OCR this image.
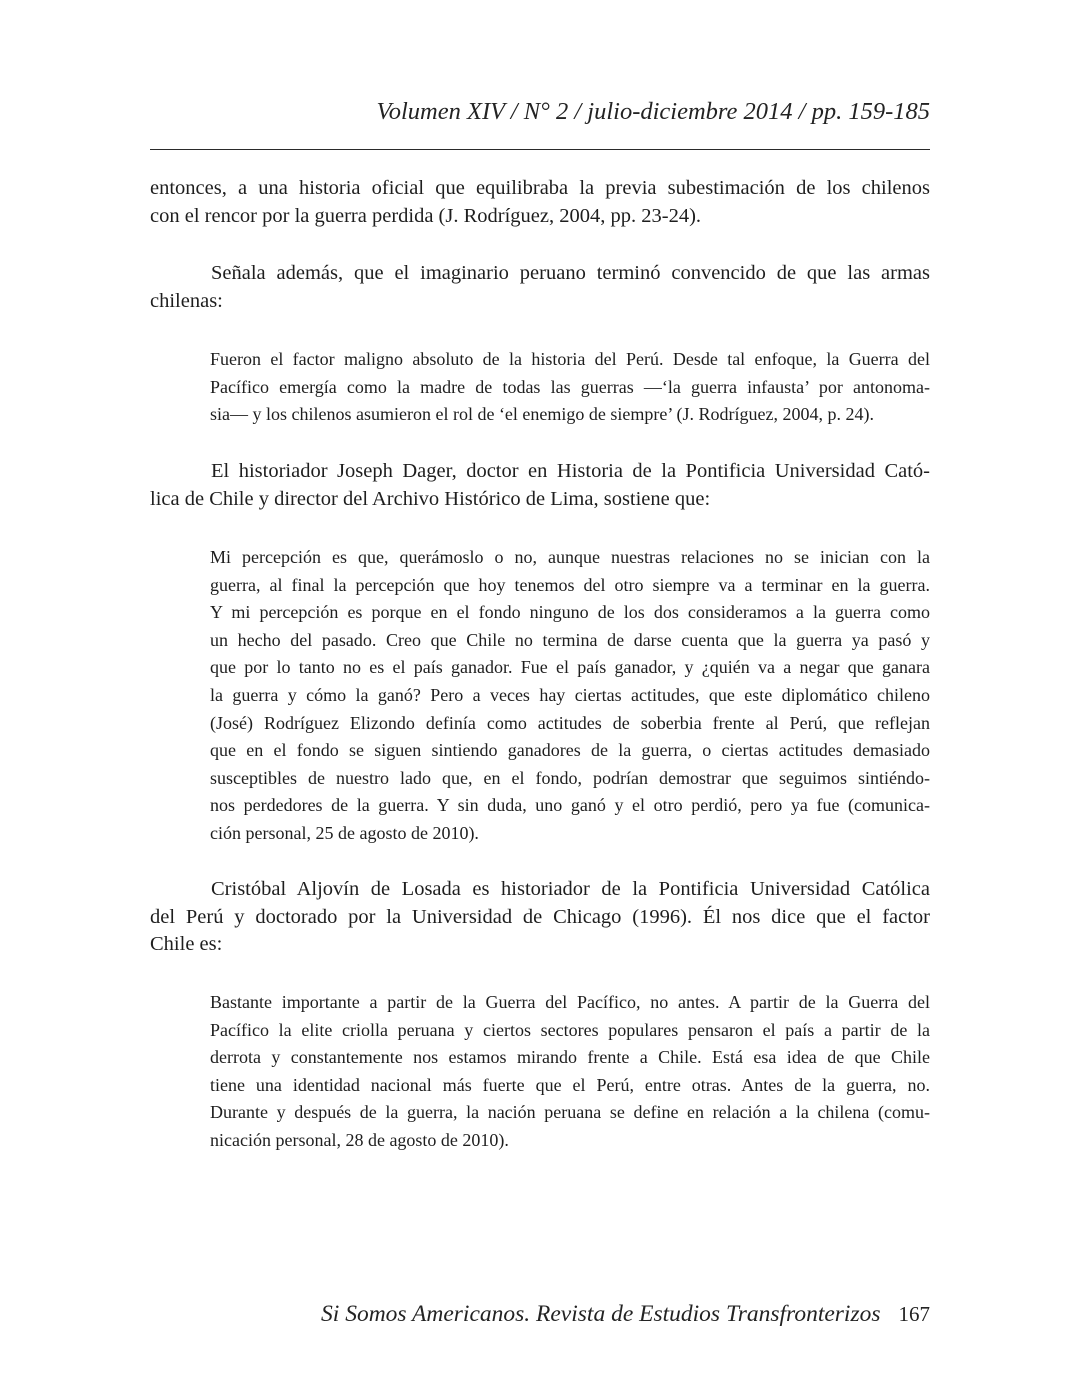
Volumen XIV / N° 2 / julio-diciembre 2014 / pp. 159-185
entonces, a una historia oficial que equilibraba la previa subestimación de los chilenos
con el rencor por la guerra perdida (J. Rodríguez, 2004, pp. 23-24).
Señala además, que el imaginario peruano terminó convencido de que las armas
chilenas:
Fueron el factor maligno absoluto de la historia del Perú. Desde tal enfoque, la Guerra del
Pacífico emergía como la madre de todas las guerras —‘la guerra infausta’ por antonoma-
sia— y los chilenos asumieron el rol de ‘el enemigo de siempre’ (J. Rodríguez, 2004, p. 24).
El historiador Joseph Dager, doctor en Historia de la Pontificia Universidad Cató-
lica de Chile y director del Archivo Histórico de Lima, sostiene que:
Mi percepción es que, querámoslo o no, aunque nuestras relaciones no se inician con la
guerra, al final la percepción que hoy tenemos del otro siempre va a terminar en la guerra.
Y mi percepción es porque en el fondo ninguno de los dos consideramos a la guerra como
un hecho del pasado. Creo que Chile no termina de darse cuenta que la guerra ya pasó y
que por lo tanto no es el país ganador. Fue el país ganador, y ¿quién va a negar que ganara
la guerra y cómo la ganó? Pero a veces hay ciertas actitudes, que este diplomático chileno
(José) Rodríguez Elizondo definía como actitudes de soberbia frente al Perú, que reflejan
que en el fondo se siguen sintiendo ganadores de la guerra, o ciertas actitudes demasiado
susceptibles de nuestro lado que, en el fondo, podrían demostrar que seguimos sintiéndo-
nos perdedores de la guerra. Y sin duda, uno ganó y el otro perdió, pero ya fue (comunica-
ción personal, 25 de agosto de 2010).
Cristóbal Aljovín de Losada es historiador de la Pontificia Universidad Católica
del Perú y doctorado por la Universidad de Chicago (1996). Él nos dice que el factor
Chile es:
Bastante importante a partir de la Guerra del Pacífico, no antes. A partir de la Guerra del
Pacífico la elite criolla peruana y ciertos sectores populares pensaron el país a partir de la
derrota y constantemente nos estamos mirando frente a Chile. Está esa idea de que Chile
tiene una identidad nacional más fuerte que el Perú, entre otras. Antes de la guerra, no.
Durante y después de la guerra, la nación peruana se define en relación a la chilena (comu-
nicación personal, 28 de agosto de 2010).
Si Somos Americanos. Revista de Estudios Transfronterizos 167
